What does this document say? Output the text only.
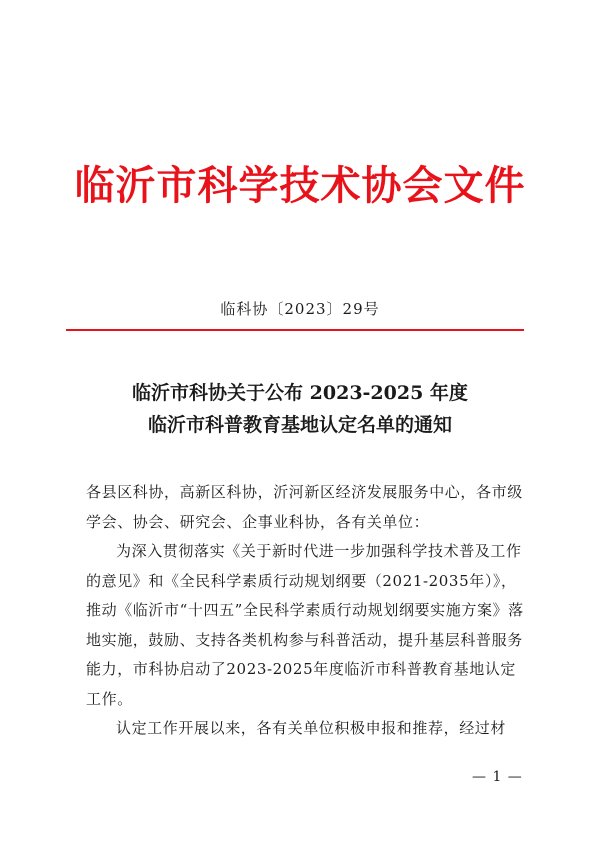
临沂市科学技术协会文件
临科协〔2023〕29号
临沂市科协关于公布 2023-2025 年度
临沂市科普教育基地认定名单的通知

各县区科协，高新区科协，沂河新区经济发展服务中心，各市级学会、协会、研究会、企事业科协，各有关单位：

为深入贯彻落实《关于新时代进一步加强科学技术普及工作的意见》和《全民科学素质行动规划纲要（2021-2035年）》，推动《临沂市“十四五”全民科学素质行动规划纲要实施方案》落地实施，鼓励、支持各类机构参与科普活动，提升基层科普服务能力，市科协启动了2023-2025年度临沂市科普教育基地认定工作。

认定工作开展以来，各有关单位积极申报和推荐，经过材

— 1 —
